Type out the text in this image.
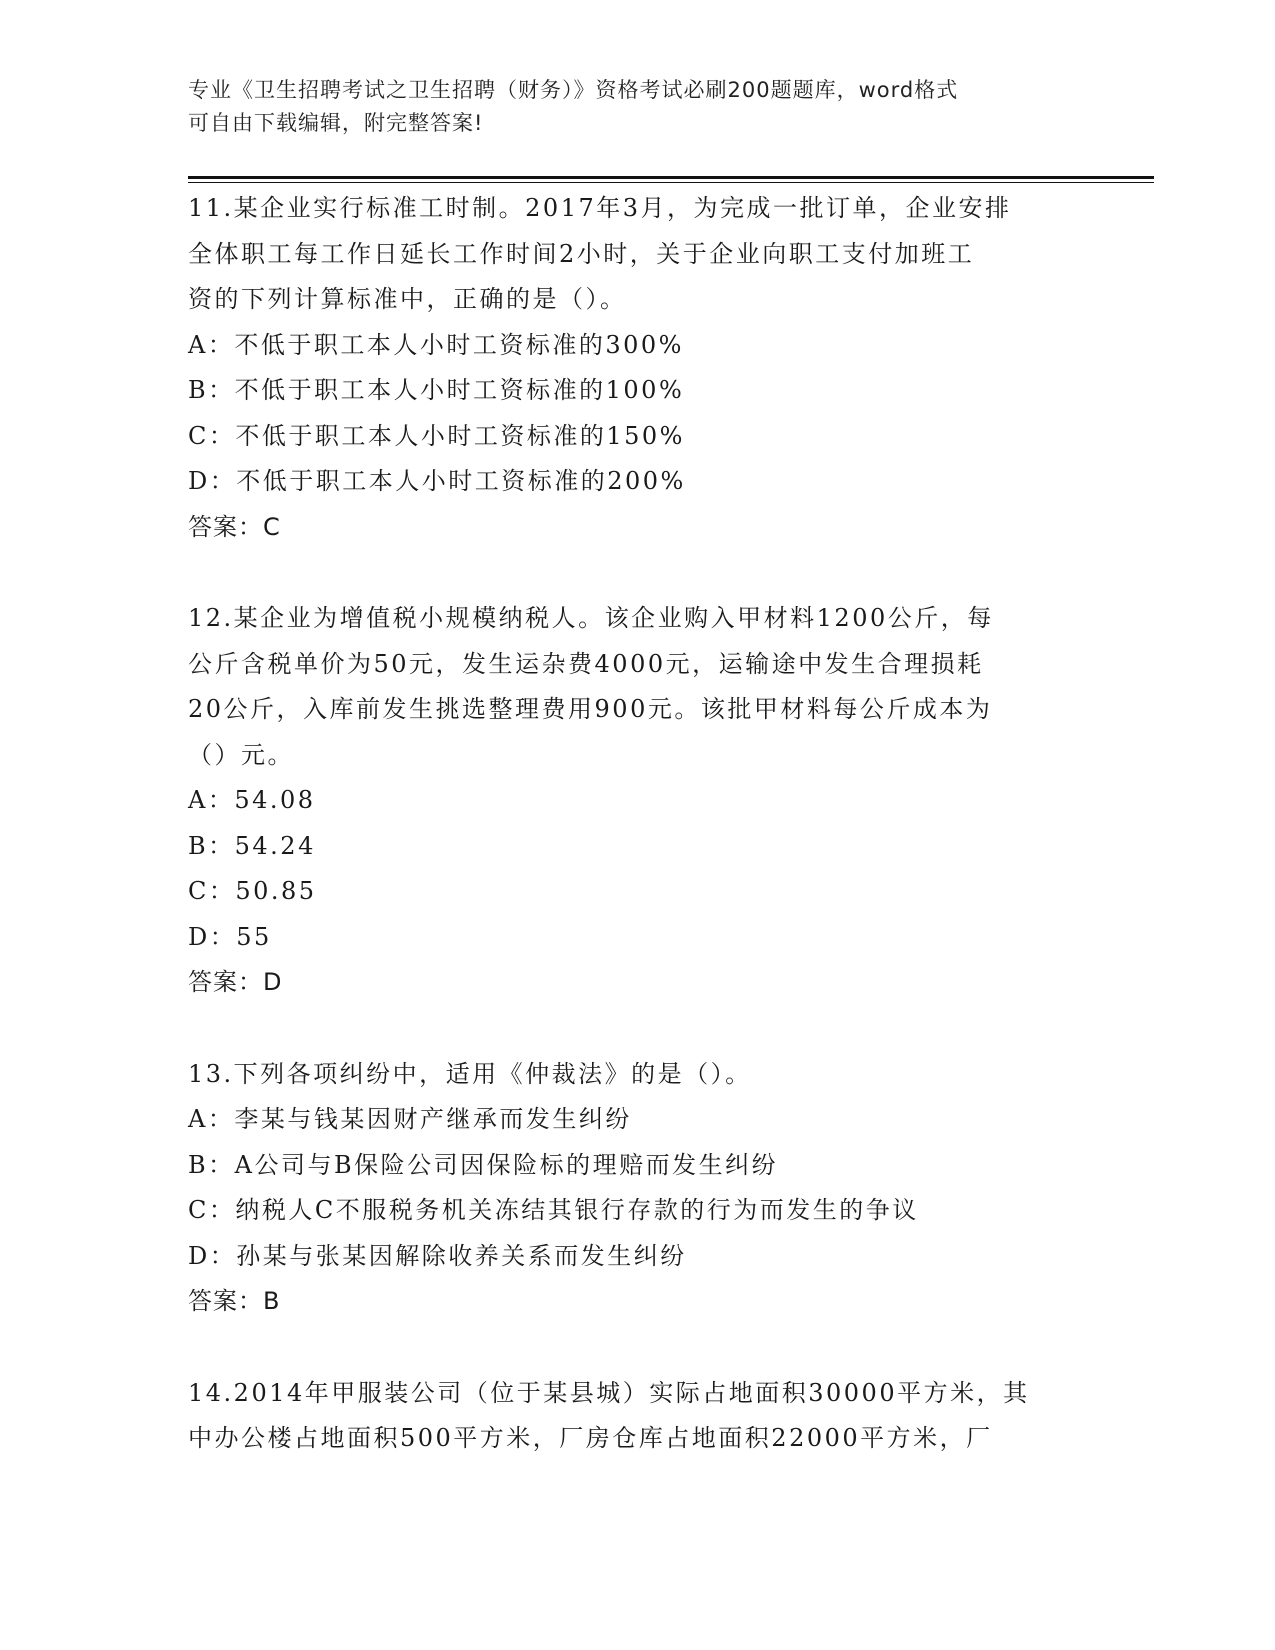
专业《卫生招聘考试之卫生招聘（财务）》资格考试必刷200题题库，word格式
可自由下载编辑，附完整答案!
11.某企业实行标准工时制。2017年3月，为完成一批订单，企业安排
全体职工每工作日延长工作时间2小时，关于企业向职工支付加班工
资的下列计算标准中，正确的是（）。
A：不低于职工本人小时工资标准的300%
B：不低于职工本人小时工资标准的100%
C：不低于职工本人小时工资标准的150%
D：不低于职工本人小时工资标准的200%
答案：C
12.某企业为增值税小规模纳税人。该企业购入甲材料1200公斤，每
公斤含税单价为50元，发生运杂费4000元，运输途中发生合理损耗
20公斤，入库前发生挑选整理费用900元。该批甲材料每公斤成本为
（）元。
A：54.08
B：54.24
C：50.85
D：55
答案：D
13.下列各项纠纷中，适用《仲裁法》的是（）。
A：李某与钱某因财产继承而发生纠纷
B：A公司与B保险公司因保险标的理赔而发生纠纷
C：纳税人C不服税务机关冻结其银行存款的行为而发生的争议
D：孙某与张某因解除收养关系而发生纠纷
答案：B
14.2014年甲服装公司（位于某县城）实际占地面积30000平方米，其
中办公楼占地面积500平方米，厂房仓库占地面积22000平方米，厂
